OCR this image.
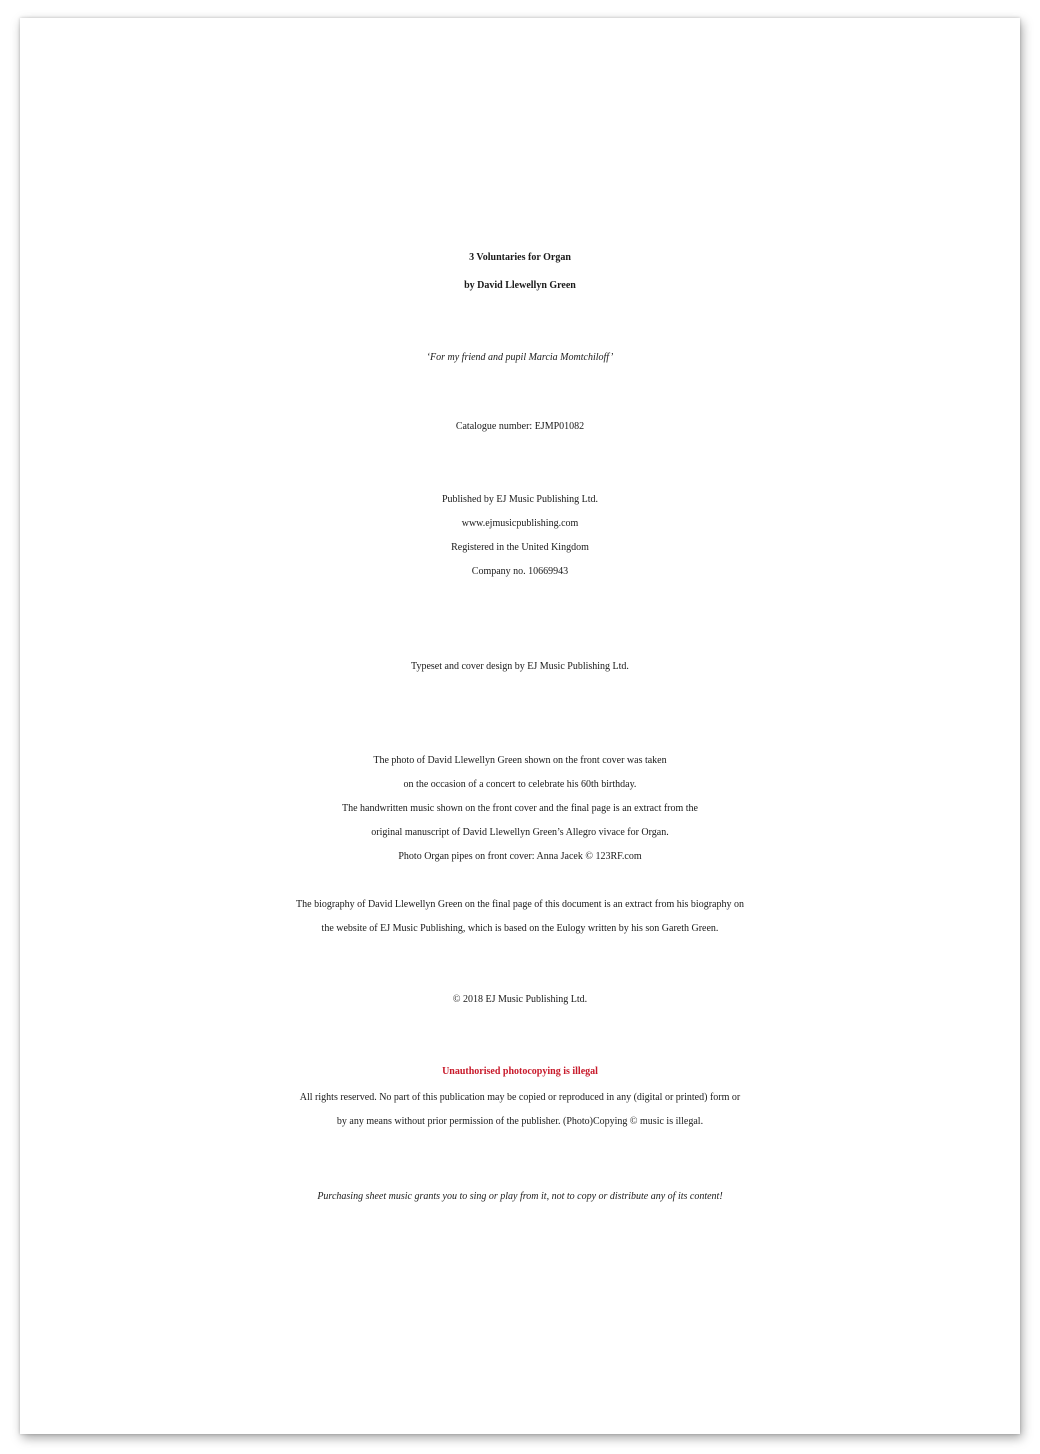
3 Voluntaries for Organ
by David Llewellyn Green
‘For my friend and pupil Marcia Momtchiloff’
Catalogue number: EJMP01082
Published by EJ Music Publishing Ltd.
www.ejmusicpublishing.com
Registered in the United Kingdom
Company no. 10669943
Typeset and cover design by EJ Music Publishing Ltd.
The photo of David Llewellyn Green shown on the front cover was taken
on the occasion of a concert to celebrate his 60th birthday.
The handwritten music shown on the front cover and the final page is an extract from the
original manuscript of David Llewellyn Green’s Allegro vivace for Organ.
Photo Organ pipes on front cover: Anna Jacek © 123RF.com
The biography of David Llewellyn Green on the final page of this document is an extract from his biography on
the website of EJ Music Publishing, which is based on the Eulogy written by his son Gareth Green.
© 2018 EJ Music Publishing Ltd.
Unauthorised photocopying is illegal
All rights reserved. No part of this publication may be copied or reproduced in any (digital or printed) form or
by any means without prior permission of the publisher. (Photo)Copying © music is illegal.
Purchasing sheet music grants you to sing or play from it, not to copy or distribute any of its content!
